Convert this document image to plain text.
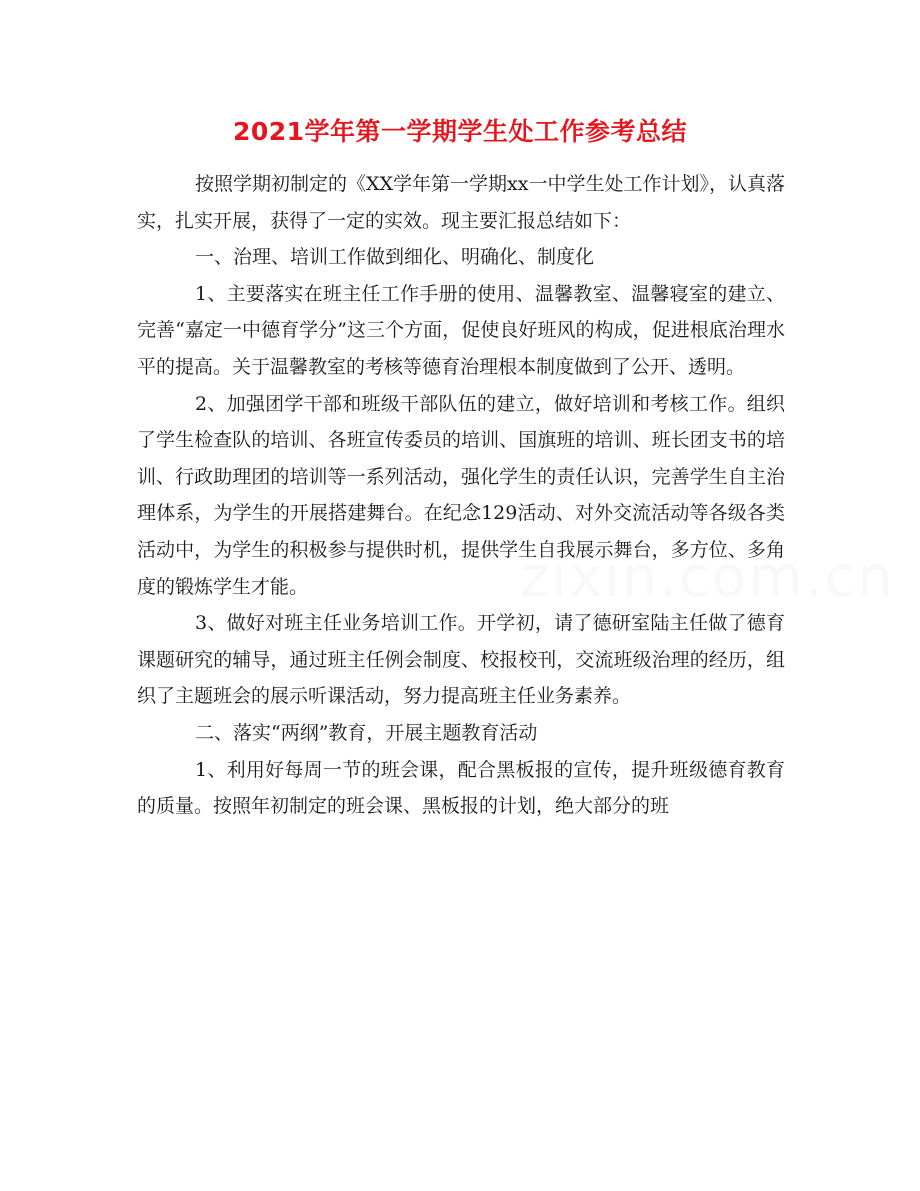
2021学年第一学期学生处工作参考总结

按照学期初制定的《XX学年第一学期xx一中学生处工作计划》，认真落实，扎实开展，获得了一定的实效。现主要汇报总结如下：

一、治理、培训工作做到细化、明确化、制度化

1、主要落实在班主任工作手册的使用、温馨教室、温馨寝室的建立、完善“嘉定一中德育学分”这三个方面，促使良好班风的构成，促进根底治理水平的提高。关于温馨教室的考核等德育治理根本制度做到了公开、透明。

2、加强团学干部和班级干部队伍的建立，做好培训和考核工作。组织了学生检查队的培训、各班宣传委员的培训、国旗班的培训、班长团支书的培训、行政助理团的培训等一系列活动，强化学生的责任认识，完善学生自主治理体系，为学生的开展搭建舞台。在纪念129活动、对外交流活动等各级各类活动中，为学生的积极参与提供时机，提供学生自我展示舞台，多方位、多角度的锻炼学生才能。

3、做好对班主任业务培训工作。开学初，请了德研室陆主任做了德育课题研究的辅导，通过班主任例会制度、校报校刊，交流班级治理的经历，组织了主题班会的展示听课活动，努力提高班主任业务素养。

二、落实“两纲”教育，开展主题教育活动

1、利用好每周一节的班会课，配合黑板报的宣传，提升班级德育教育的质量。按照年初制定的班会课、黑板报的计划，绝大部分的班

zixin.com.cn
